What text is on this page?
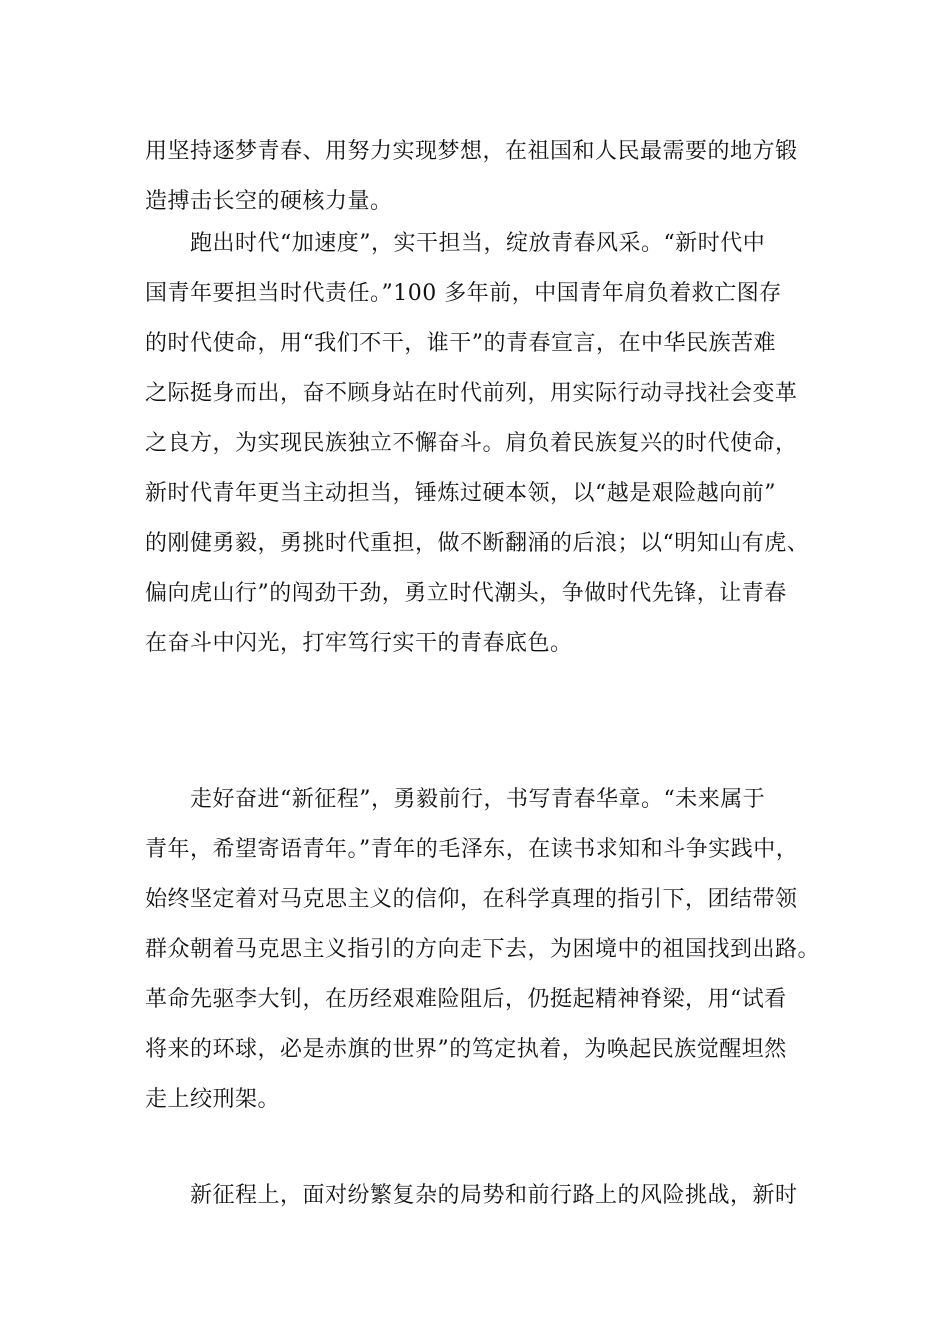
用坚持逐梦青春、用努力实现梦想，在祖国和人民最需要的地方锻
造搏击长空的硬核力量。
　　跑出时代“加速度”，实干担当，绽放青春风采。“新时代中
国青年要担当时代责任。”100 多年前，中国青年肩负着救亡图存
的时代使命，用“我们不干，谁干”的青春宣言，在中华民族苦难
之际挺身而出，奋不顾身站在时代前列，用实际行动寻找社会变革
之良方，为实现民族独立不懈奋斗。肩负着民族复兴的时代使命，
新时代青年更当主动担当，锤炼过硬本领，以“越是艰险越向前”
的刚健勇毅，勇挑时代重担，做不断翻涌的后浪；以“明知山有虎、
偏向虎山行”的闯劲干劲，勇立时代潮头，争做时代先锋，让青春
在奋斗中闪光，打牢笃行实干的青春底色。
　　走好奋进“新征程”，勇毅前行，书写青春华章。“未来属于
青年，希望寄语青年。”青年的毛泽东，在读书求知和斗争实践中，
始终坚定着对马克思主义的信仰，在科学真理的指引下，团结带领
群众朝着马克思主义指引的方向走下去，为困境中的祖国找到出路。
革命先驱李大钊，在历经艰难险阻后，仍挺起精神脊梁，用“试看
将来的环球，必是赤旗的世界”的笃定执着，为唤起民族觉醒坦然
走上绞刑架。
　　新征程上，面对纷繁复杂的局势和前行路上的风险挑战，新时
